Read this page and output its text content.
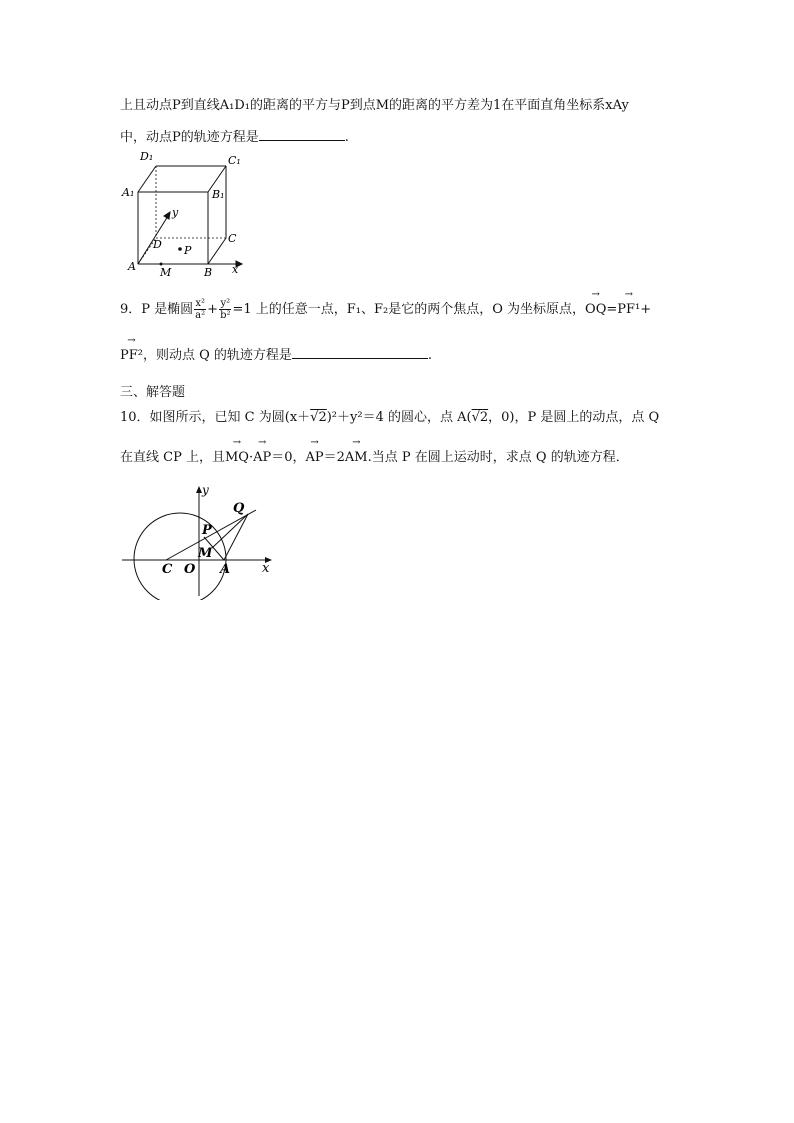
上且动点P到直线A₁D₁的距离的平方与P到点M的距离的平方差为1在平面直角坐标系xAy
中，动点P的轨迹方程是	.
D₁	C₁
A₁	B₁
y
D P
C
A M	B x
9．P 是椭圆 $\frac{\text{x²}}{\text{a²}} + \frac{\text{y²}}{\text{b²}} =1$ 上的任意一点，F₁、F₂是它的两个焦点，O 为坐标原点，→ OQ=→ PF¹+
→ PF²，则动点 Q 的轨迹方程是	.
三、解答题
10．如图所示，已知 C 为圆(x＋√2)²＋y²＝4 的圆心，点 A(√2，0)，P 是圆上的动点，点 Q
在直线 CP 上，且→ MQ·→ AP＝0，→ AP＝2→ AM.当点 P 在圆上运动时，求点 Q 的轨迹方程．
y
Q
P
M
C O A x
